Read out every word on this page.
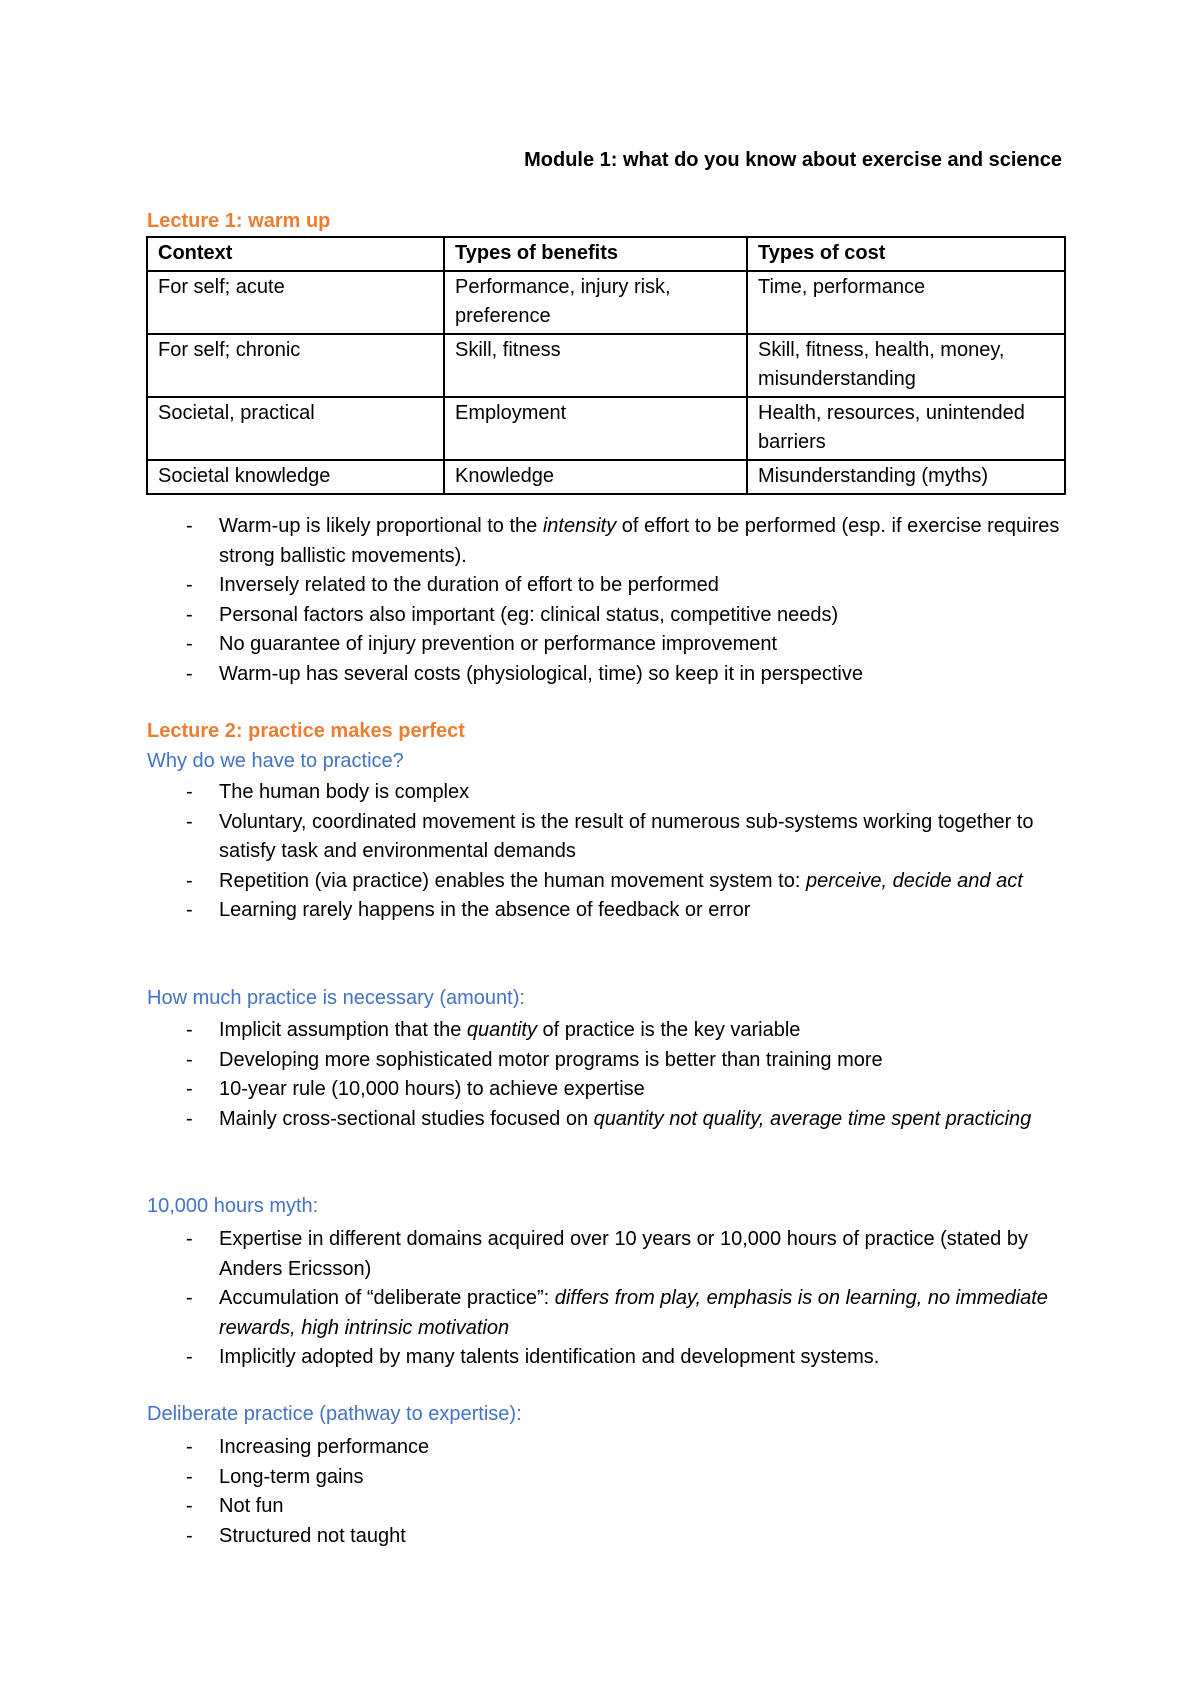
Module 1: what do you know about exercise and science
Lecture 1: warm up
Context	Types of benefits	Types of cost
For self; acute	Performance, injury risk, preference	Time, performance
For self; chronic	Skill, fitness	Skill, fitness, health, money, misunderstanding
Societal, practical	Employment	Health, resources, unintended barriers
Societal knowledge	Knowledge	Misunderstanding (myths)
- Warm-up is likely proportional to the intensity of effort to be performed (esp. if exercise requires strong ballistic movements).
- Inversely related to the duration of effort to be performed
- Personal factors also important (eg: clinical status, competitive needs)
- No guarantee of injury prevention or performance improvement
- Warm-up has several costs (physiological, time) so keep it in perspective
Lecture 2: practice makes perfect
Why do we have to practice?
- The human body is complex
- Voluntary, coordinated movement is the result of numerous sub-systems working together to satisfy task and environmental demands
- Repetition (via practice) enables the human movement system to: perceive, decide and act
- Learning rarely happens in the absence of feedback or error
How much practice is necessary (amount):
- Implicit assumption that the quantity of practice is the key variable
- Developing more sophisticated motor programs is better than training more
- 10-year rule (10,000 hours) to achieve expertise
- Mainly cross-sectional studies focused on quantity not quality, average time spent practicing
10,000 hours myth:
- Expertise in different domains acquired over 10 years or 10,000 hours of practice (stated by Anders Ericsson)
- Accumulation of “deliberate practice”: differs from play, emphasis is on learning, no immediate rewards, high intrinsic motivation
- Implicitly adopted by many talents identification and development systems.
Deliberate practice (pathway to expertise):
- Increasing performance
- Long-term gains
- Not fun
- Structured not taught
